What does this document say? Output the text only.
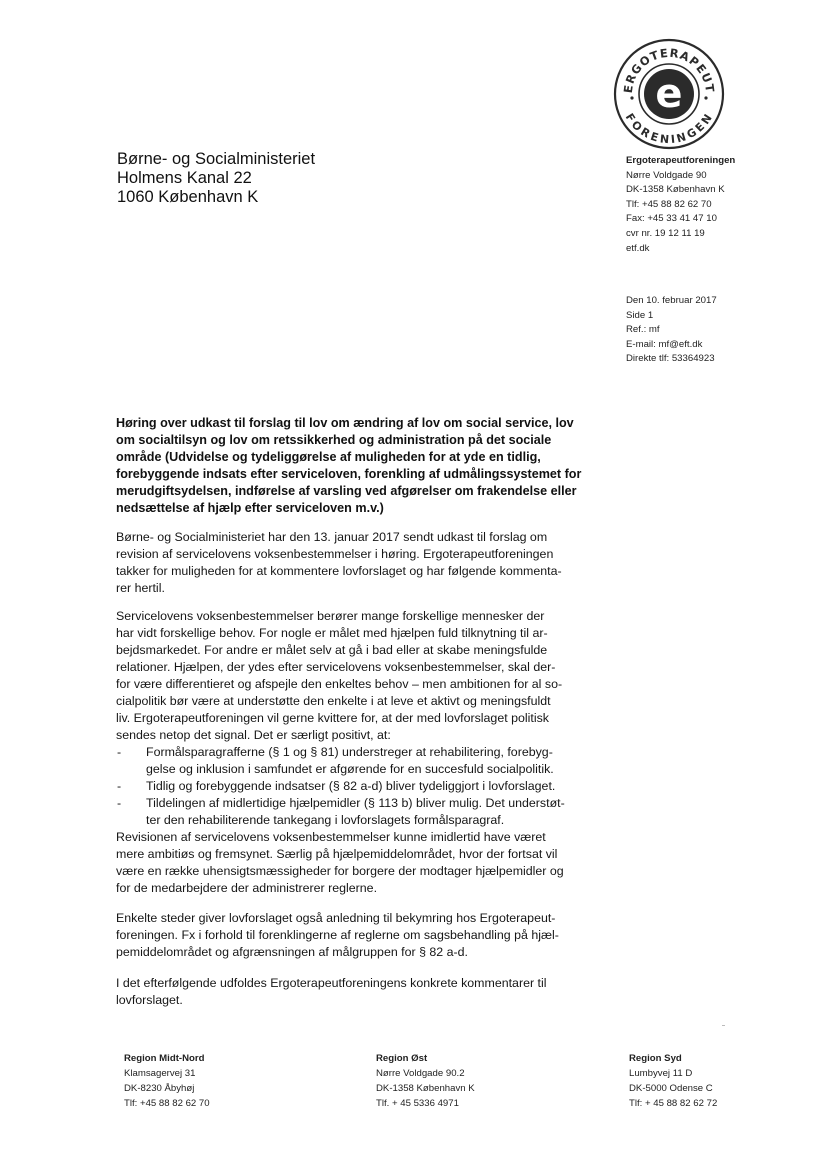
e
ERGOTERAPEUT
FORENINGEN
Børne- og Socialministeriet
Holmens Kanal 22
1060 København K
Ergoterapeutforeningen
Nørre Voldgade 90
DK-1358 København K
Tlf: +45 88 82 62 70
Fax: +45 33 41 47 10
cvr nr. 19 12 11 19
etf.dk
Den 10. februar 2017
Side 1
Ref.: mf
E-mail: mf@eft.dk
Direkte tlf: 53364923
Høring over udkast til forslag til lov om ændring af lov om social service, lov
om socialtilsyn og lov om retssikkerhed og administration på det sociale
område (Udvidelse og tydeliggørelse af muligheden for at yde en tidlig,
forebyggende indsats efter serviceloven, forenkling af udmålingssystemet for
merudgiftsydelsen, indførelse af varsling ved afgørelser om frakendelse eller
nedsættelse af hjælp efter serviceloven m.v.)
Børne- og Socialministeriet har den 13. januar 2017 sendt udkast til forslag om
revision af servicelovens voksenbestemmelser i høring. Ergoterapeutforeningen
takker for muligheden for at kommentere lovforslaget og har følgende kommenta-
rer hertil.
Servicelovens voksenbestemmelser berører mange forskellige mennesker der
har vidt forskellige behov. For nogle er målet med hjælpen fuld tilknytning til ar-
bejdsmarkedet. For andre er målet selv at gå i bad eller at skabe meningsfulde
relationer. Hjælpen, der ydes efter servicelovens voksenbestemmelser, skal der-
for være differentieret og afspejle den enkeltes behov – men ambitionen for al so-
cialpolitik bør være at understøtte den enkelte i at leve et aktivt og meningsfuldt
liv. Ergoterapeutforeningen vil gerne kvittere for, at der med lovforslaget politisk
sendes netop det signal. Det er særligt positivt, at:
-	Formålsparagrafferne (§ 1 og § 81) understreger at rehabilitering, forebyg-
gelse og inklusion i samfundet er afgørende for en succesfuld socialpolitik.
-	Tidlig og forebyggende indsatser (§ 82 a-d) bliver tydeliggjort i lovforslaget.
-	Tildelingen af midlertidige hjælpemidler (§ 113 b) bliver mulig. Det understøt-
ter den rehabiliterende tankegang i lovforslagets formålsparagraf.
Revisionen af servicelovens voksenbestemmelser kunne imidlertid have været
mere ambitiøs og fremsynet. Særlig på hjælpemiddelområdet, hvor der fortsat vil
være en række uhensigtsmæssigheder for borgere der modtager hjælpemidler og
for de medarbejdere der administrerer reglerne.
Enkelte steder giver lovforslaget også anledning til bekymring hos Ergoterapeut-
foreningen. Fx i forhold til forenklingerne af reglerne om sagsbehandling på hjæl-
pemiddelområdet og afgrænsningen af målgruppen for § 82 a-d.
I det efterfølgende udfoldes Ergoterapeutforeningens konkrete kommentarer til
lovforslaget.
Region Midt-Nord
Klamsagervej 31
DK-8230 Åbyhøj
Tlf: +45 88 82 62 70
Region Øst
Nørre Voldgade 90.2
DK-1358 København K
Tlf. + 45 5336 4971
Region Syd
Lumbyvej 11 D
DK-5000 Odense C
Tlf: + 45 88 82 62 72
